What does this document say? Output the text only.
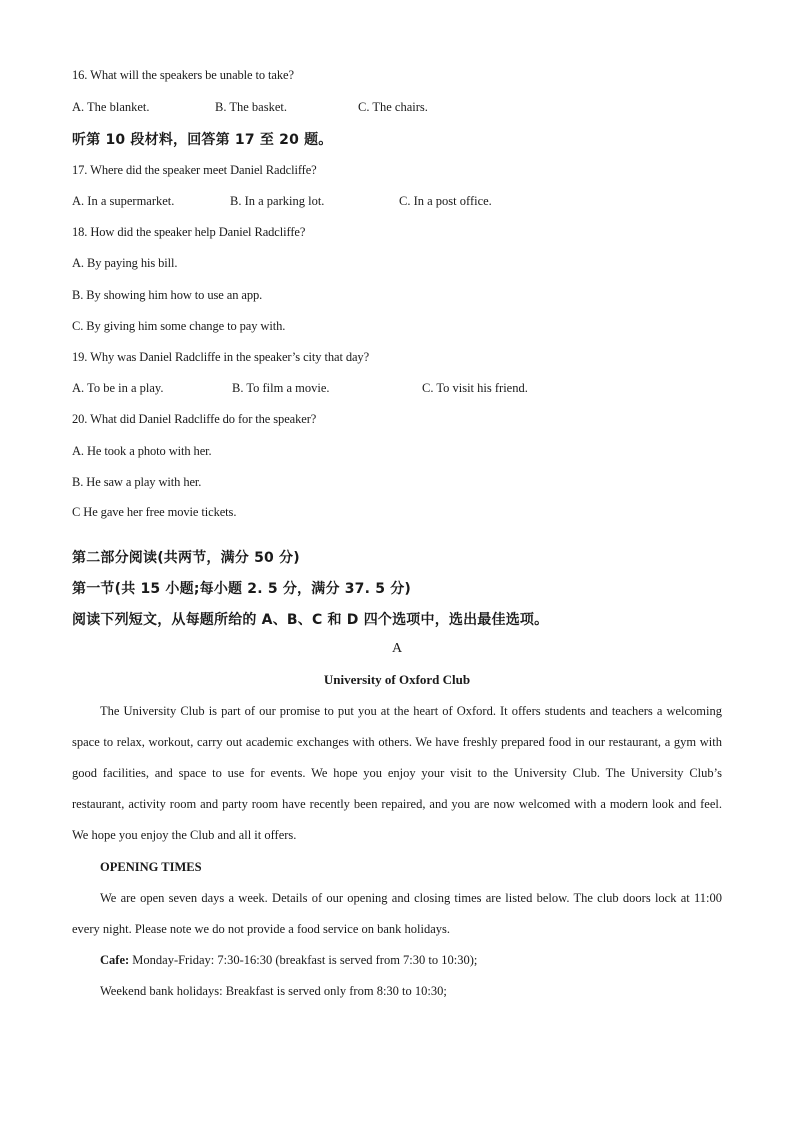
16. What will the speakers be unable to take?
A. The blanket.	B. The basket.	C. The chairs.
听第 10 段材料，回答第 17 至 20 题。
17. Where did the speaker meet Daniel Radcliffe?
A. In a supermarket.	B. In a parking lot.	C. In a post office.
18. How did the speaker help Daniel Radcliffe?
A. By paying his bill.
B. By showing him how to use an app.
C. By giving him some change to pay with.
19. Why was Daniel Radcliffe in the speaker’s city that day?
A. To be in a play.	B. To film a movie.	C. To visit his friend.
20. What did Daniel Radcliffe do for the speaker?
A. He took a photo with her.
B. He saw a play with her.
C He gave her free movie tickets.
第二部分阅读(共两节，满分 50 分)
第一节(共 15 小题;每小题 2. 5 分，满分 37. 5 分)
阅读下列短文，从每题所给的 A、B、C 和 D 四个选项中，选出最佳选项。
A
University of Oxford Club
The University Club is part of our promise to put you at the heart of Oxford. It offers students and teachers a welcoming space to relax, workout, carry out academic exchanges with others. We have freshly prepared food in our restaurant, a gym with good facilities, and space to use for events. We hope you enjoy your visit to the University Club. The University Club’s restaurant, activity room and party room have recently been repaired, and you are now welcomed with a modern look and feel. We hope you enjoy the Club and all it offers.
OPENING TIMES
We are open seven days a week. Details of our opening and closing times are listed below. The club doors lock at 11:00 every night. Please note we do not provide a food service on bank holidays.
Cafe: Monday-Friday: 7:30-16:30 (breakfast is served from 7:30 to 10:30);
Weekend bank holidays: Breakfast is served only from 8:30 to 10:30;
